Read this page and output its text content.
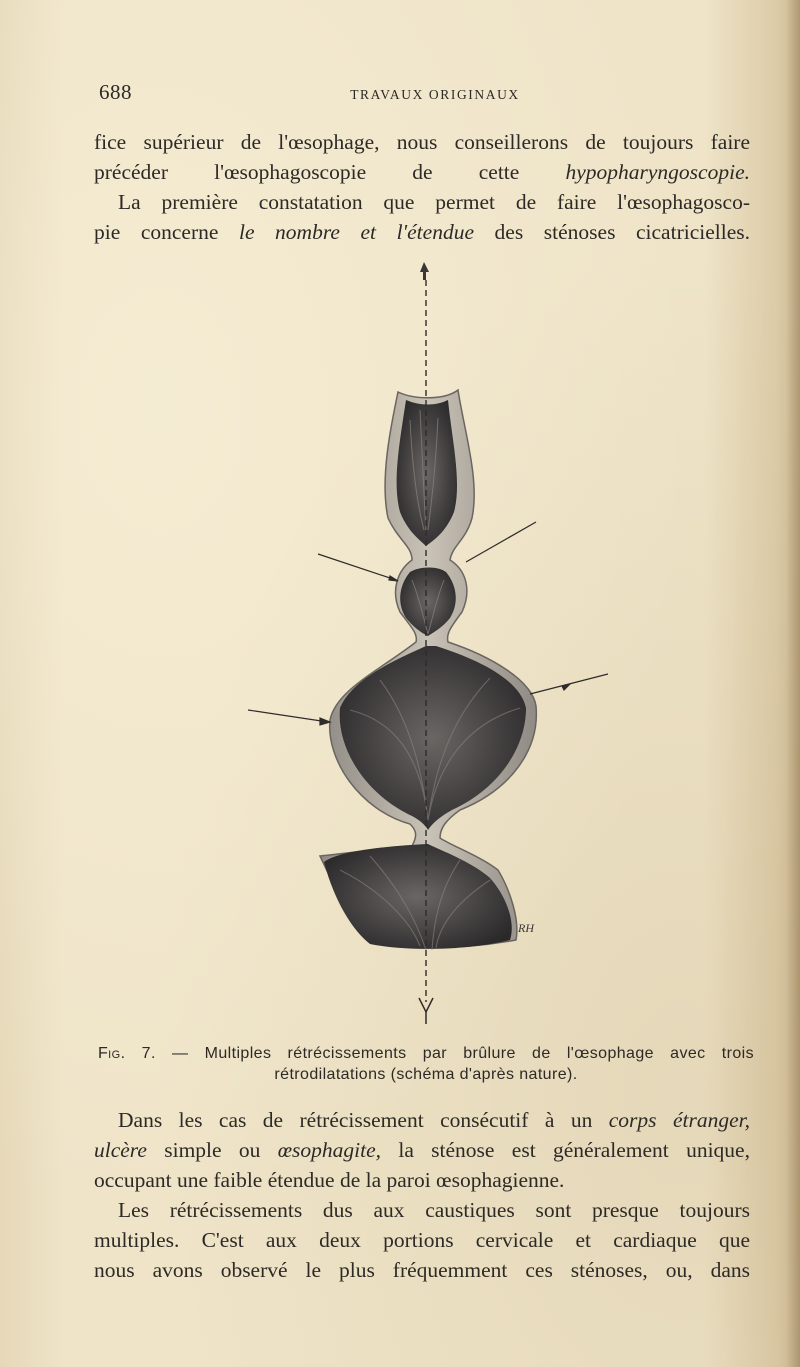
688	TRAVAUX ORIGINAUX
fice supérieur de l'œsophage, nous conseillerons de toujours faire
précéder l'œsophagoscopie de cette hypopharyngoscopie.
La première constatation que permet de faire l'œsophagosco-
pie concerne le nombre et l'étendue des sténoses cicatricielles.
RH
Fig. 7. — Multiples rétrécissements par brûlure de l'œsophage avec trois
rétrodilatations (schéma d'après nature).
Dans les cas de rétrécissement consécutif à un corps étranger,
ulcère simple ou œsophagite, la sténose est généralement unique,
occupant une faible étendue de la paroi œsophagienne.
Les rétrécissements dus aux caustiques sont presque toujours
multiples. C'est aux deux portions cervicale et cardiaque que
nous avons observé le plus fréquemment ces sténoses, ou, dans
